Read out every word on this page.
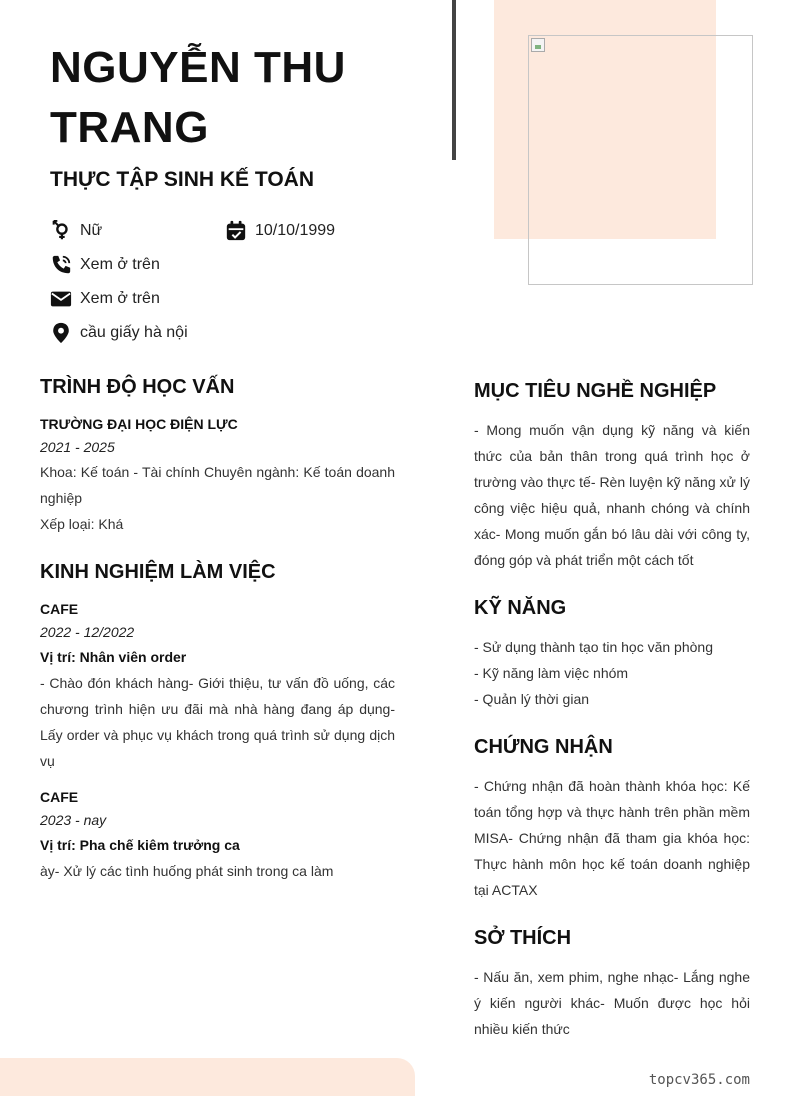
NGUYỄN THU
TRANG
THỰC TẬP SINH KẾ TOÁN
Nữ	10/10/1999
Xem ở trên
Xem ở trên
cầu giấy hà nội
TRÌNH ĐỘ HỌC VẤN
TRƯỜNG ĐẠI HỌC ĐIỆN LỰC
2021 - 2025
Khoa: Kế toán - Tài chính Chuyên ngành: Kế toán doanh nghiệp
Xếp loại: Khá
KINH NGHIỆM LÀM VIỆC
CAFE
2022 - 12/2022
Vị trí: Nhân viên order
- Chào đón khách hàng- Giới thiệu, tư vấn đồ uống, các chương trình hiện ưu đãi mà nhà hàng đang áp dụng- Lấy order và phục vụ khách trong quá trình sử dụng dịch vụ
CAFE
2023 - nay
Vị trí: Pha chế kiêm trưởng ca
ày- Xử lý các tình huống phát sinh trong ca làm
MỤC TIÊU NGHỀ NGHIỆP
- Mong muốn vận dụng kỹ năng và kiến thức của bản thân trong quá trình học ở trường vào thực tế- Rèn luyện kỹ năng xử lý công việc hiệu quả, nhanh chóng và chính xác- Mong muốn gắn bó lâu dài với công ty, đóng góp và phát triển một cách tốt
KỸ NĂNG
- Sử dụng thành tạo tin học văn phòng
- Kỹ năng làm việc nhóm
- Quản lý thời gian
CHỨNG NHẬN
- Chứng nhận đã hoàn thành khóa học: Kế toán tổng hợp và thực hành trên phần mềm MISA- Chứng nhận đã tham gia khóa học: Thực hành môn học kế toán doanh nghiệp tại ACTAX
SỞ THÍCH
- Nấu ăn, xem phim, nghe nhạc- Lắng nghe ý kiến người khác- Muốn được học hỏi nhiều kiến thức
topcv365.com
